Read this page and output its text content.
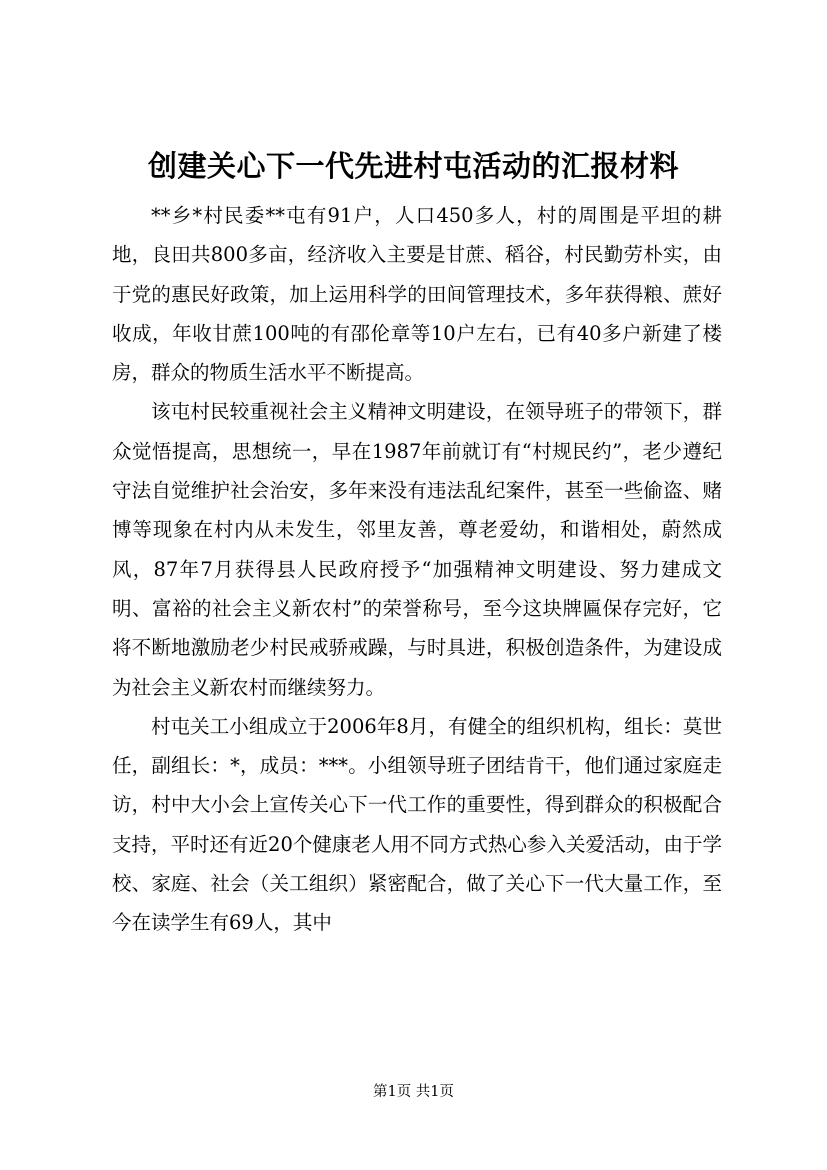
创建关心下一代先进村屯活动的汇报材料

**乡*村民委**屯有91户，人口450多人，村的周围是平坦的耕地，良田共800多亩，经济收入主要是甘蔗、稻谷，村民勤劳朴实，由于党的惠民好政策，加上运用科学的田间管理技术，多年获得粮、蔗好收成，年收甘蔗100吨的有邵伦章等10户左右，已有40多户新建了楼房，群众的物质生活水平不断提高。

该屯村民较重视社会主义精神文明建设，在领导班子的带领下，群众觉悟提高，思想统一，早在1987年前就订有“村规民约”，老少遵纪守法自觉维护社会治安，多年来没有违法乱纪案件，甚至一些偷盗、赌博等现象在村内从未发生，邻里友善，尊老爱幼，和谐相处，蔚然成风，87年7月获得县人民政府授予“加强精神文明建设、努力建成文明、富裕的社会主义新农村”的荣誉称号，至今这块牌匾保存完好，它将不断地激励老少村民戒骄戒躁，与时具进，积极创造条件，为建设成为社会主义新农村而继续努力。

村屯关工小组成立于2006年8月，有健全的组织机构，组长：莫世任，副组长：*，成员：***。小组领导班子团结肯干，他们通过家庭走访，村中大小会上宣传关心下一代工作的重要性，得到群众的积极配合支持，平时还有近20个健康老人用不同方式热心参入关爱活动，由于学校、家庭、社会（关工组织）紧密配合，做了关心下一代大量工作，至今在读学生有69人，其中

第1页 共1页
